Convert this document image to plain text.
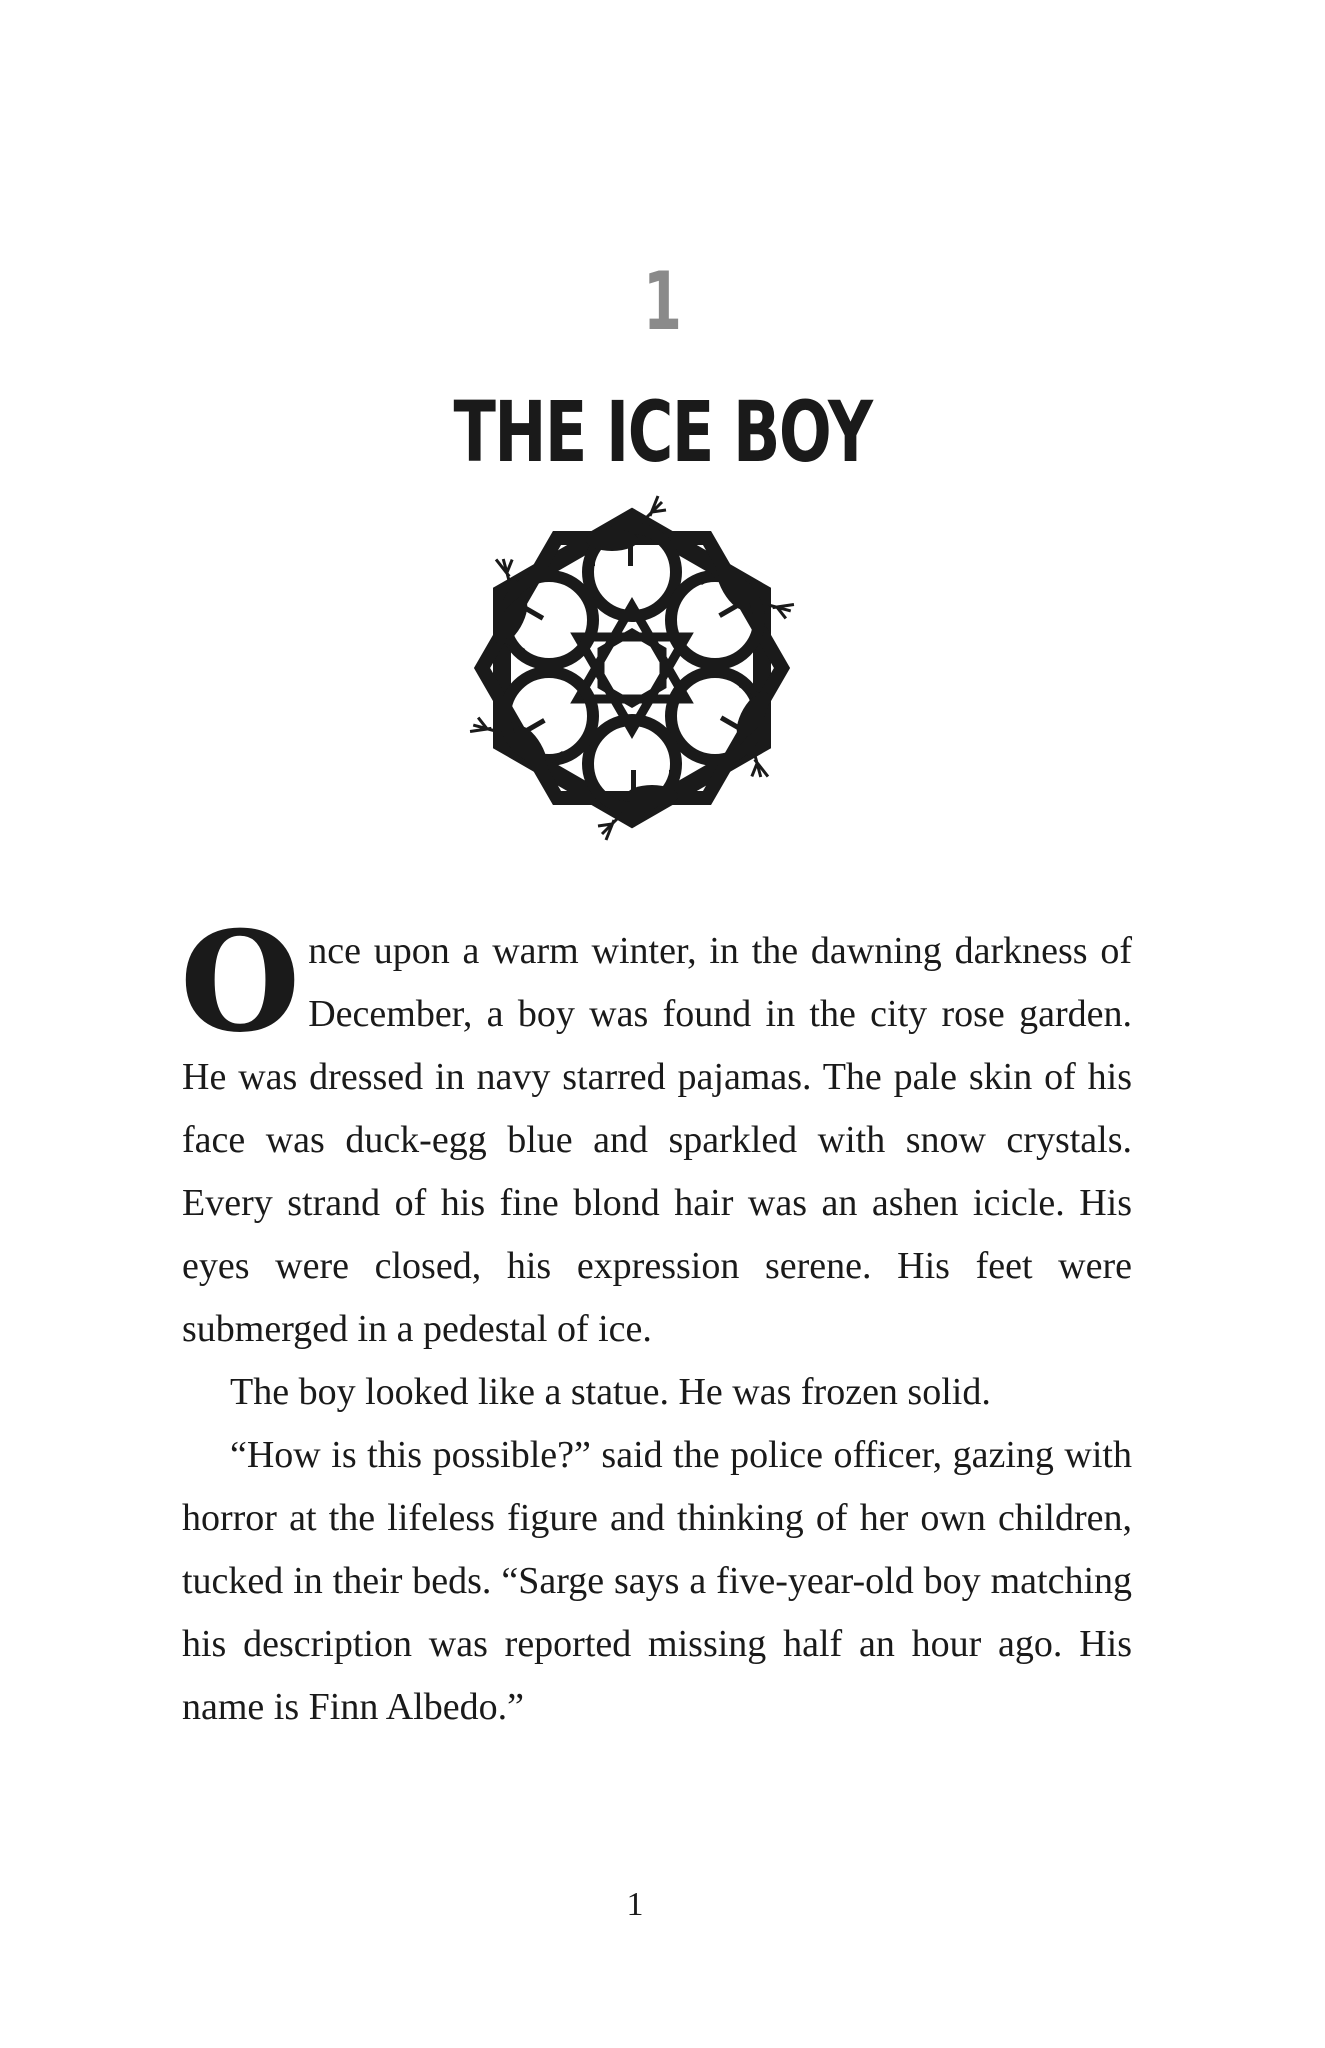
1
THE ICE BOY

Once upon a warm winter, in the dawning darkness of December, a boy was found in the city rose garden. He was dressed in navy starred pajamas. The pale skin of his face was duck-egg blue and sparkled with snow crystals. Every strand of his fine blond hair was an ashen icicle. His eyes were closed, his expression serene. His feet were submerged in a pedestal of ice.

The boy looked like a statue. He was frozen solid.

“How is this possible?” said the police officer, gazing with horror at the lifeless figure and thinking of her own children, tucked in their beds. “Sarge says a five-year-old boy matching his description was reported missing half an hour ago. His name is Finn Albedo.”

1
